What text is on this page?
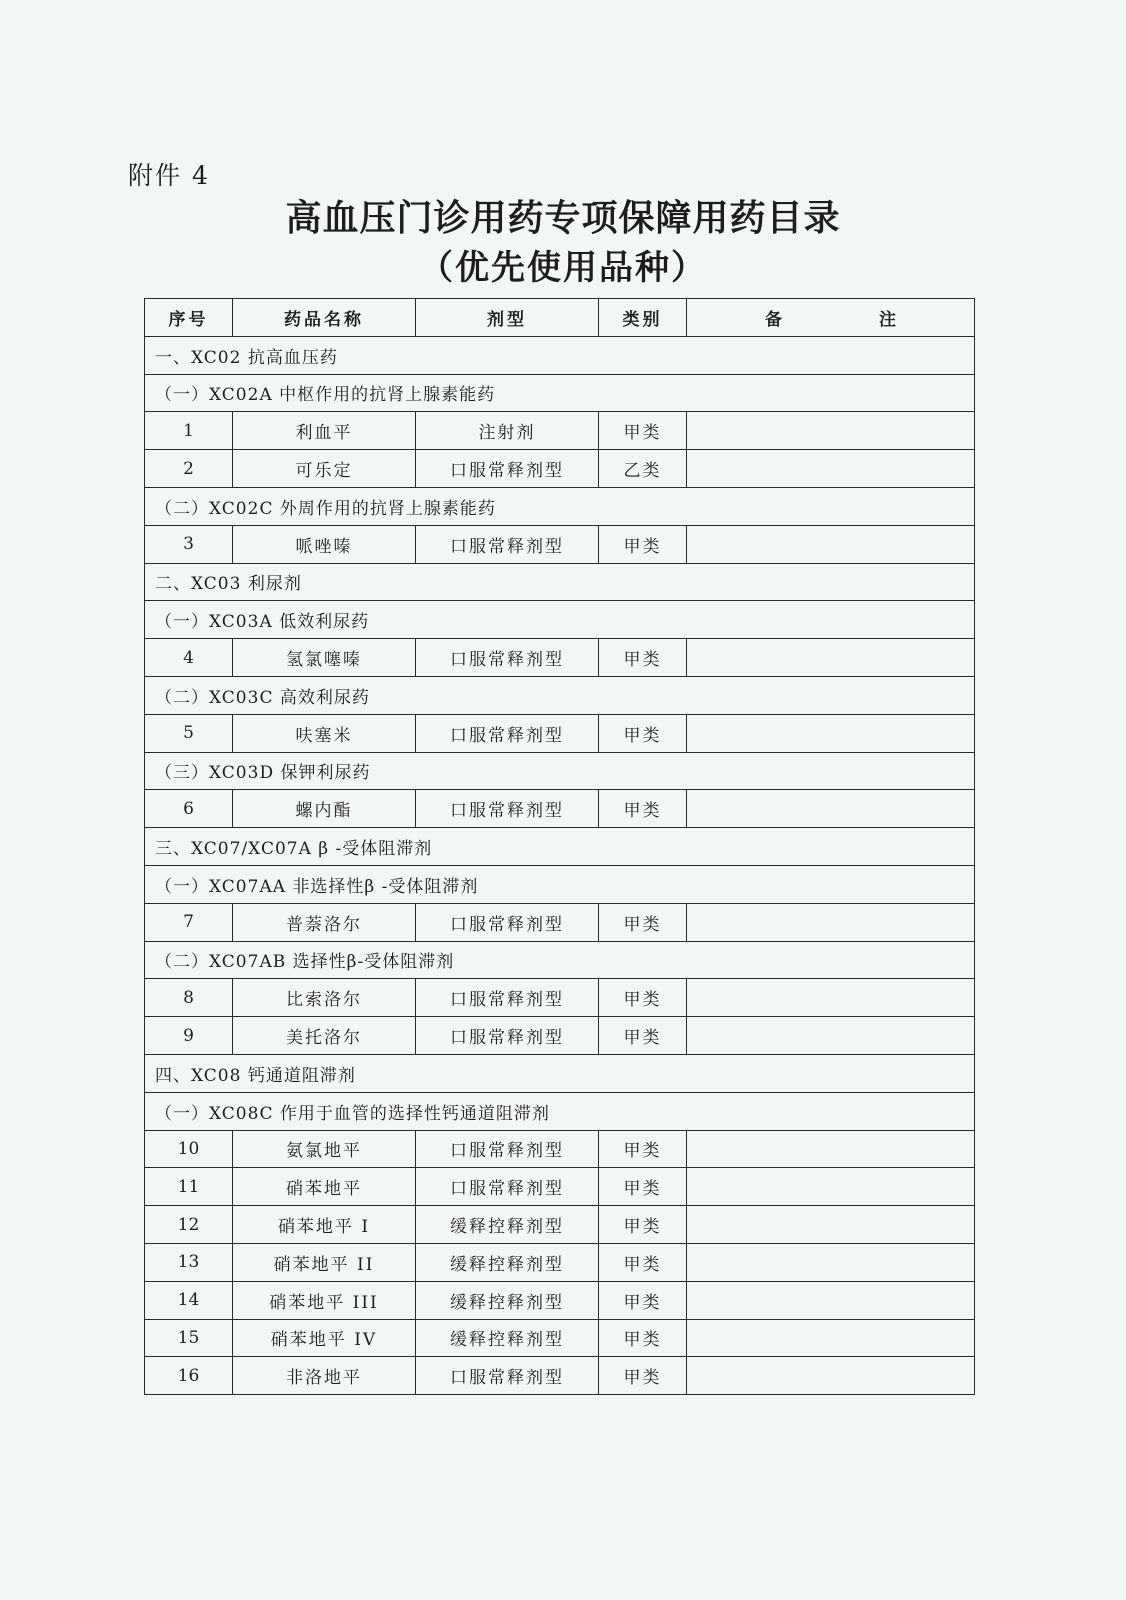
附件 4
高血压门诊用药专项保障用药目录
（优先使用品种）
序号	药品名称	剂型	类别	备　注
一、XC02 抗高血压药				
（一）XC02A 中枢作用的抗肾上腺素能药				
1	利血平	注射剂	甲类	
2	可乐定	口服常释剂型	乙类	
（二）XC02C 外周作用的抗肾上腺素能药				
3	哌唑嗪	口服常释剂型	甲类	
二、XC03 利尿剂				
（一）XC03A 低效利尿药				
4	氢氯噻嗪	口服常释剂型	甲类	
（二）XC03C 高效利尿药				
5	呋塞米	口服常释剂型	甲类	
（三）XC03D 保钾利尿药				
6	螺内酯	口服常释剂型	甲类	
三、XC07/XC07A β -受体阻滞剂				
（一）XC07AA 非选择性β -受体阻滞剂				
7	普萘洛尔	口服常释剂型	甲类	
（二）XC07AB 选择性β-受体阻滞剂				
8	比索洛尔	口服常释剂型	甲类	
9	美托洛尔	口服常释剂型	甲类	
四、XC08 钙通道阻滞剂				
（一）XC08C 作用于血管的选择性钙通道阻滞剂				
10	氨氯地平	口服常释剂型	甲类	
11	硝苯地平	口服常释剂型	甲类	
12	硝苯地平 I	缓释控释剂型	甲类	
13	硝苯地平 II	缓释控释剂型	甲类	
14	硝苯地平 III	缓释控释剂型	甲类	
15	硝苯地平 IV	缓释控释剂型	甲类	
16	非洛地平	口服常释剂型	甲类	
